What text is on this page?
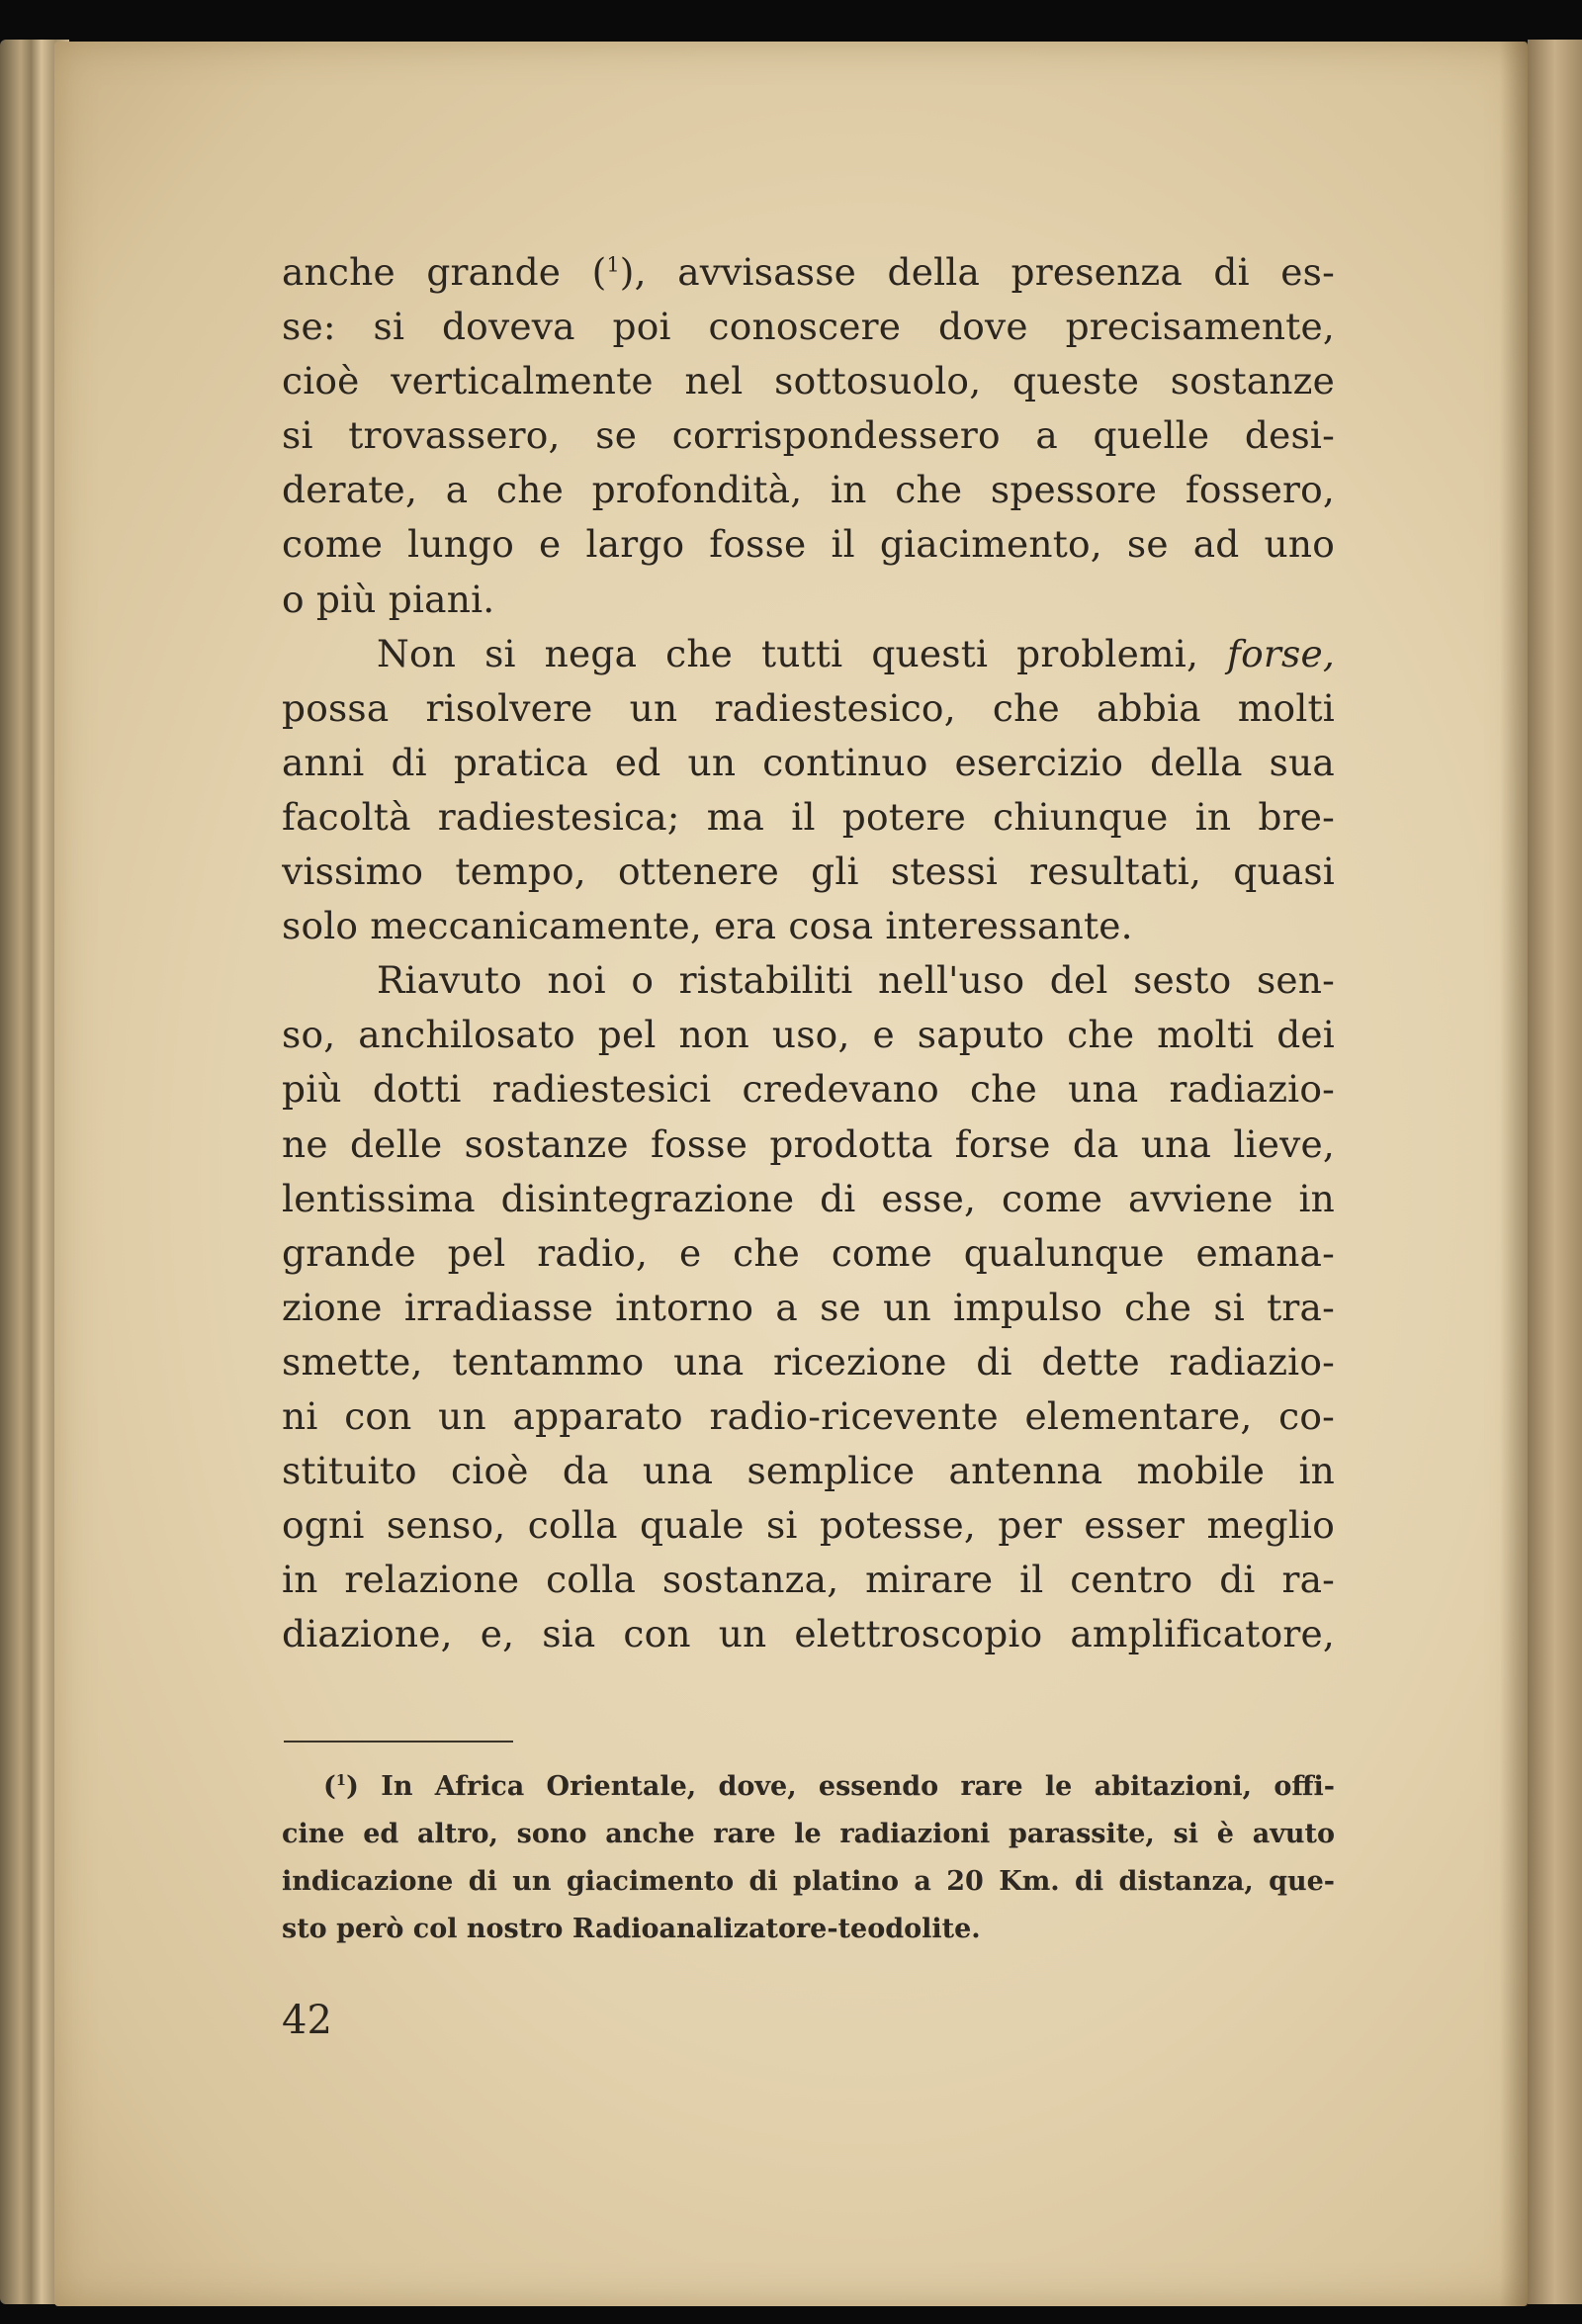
anche grande ($^1$), avvisasse della presenza di es-
se: si doveva poi conoscere dove precisamente,
cioè verticalmente nel sottosuolo, queste sostanze
si trovassero, se corrispondessero a quelle desi-
derate, a che profondità, in che spessore fossero,
come lungo e largo fosse il giacimento, se ad uno
o più piani.
Non si nega che tutti questi problemi, forse,
possa risolvere un radiestesico, che abbia molti
anni di pratica ed un continuo esercizio della sua
facoltà radiestesica; ma il potere chiunque in bre-
vissimo tempo, ottenere gli stessi resultati, quasi
solo meccanicamente, era cosa interessante.
Riavuto noi o ristabiliti nell'uso del sesto sen-
so, anchilosato pel non uso, e saputo che molti dei
più dotti radiestesici credevano che una radiazio-
ne delle sostanze fosse prodotta forse da una lieve,
lentissima disintegrazione di esse, come avviene in
grande pel radio, e che come qualunque emana-
zione irradiasse intorno a se un impulso che si tra-
smette, tentammo una ricezione di dette radiazio-
ni con un apparato radio-ricevente elementare, co-
stituito cioè da una semplice antenna mobile in
ogni senso, colla quale si potesse, per esser meglio
in relazione colla sostanza, mirare il centro di ra-
diazione, e, sia con un elettroscopio amplificatore,
($^1$) In Africa Orientale, dove, essendo rare le abitazioni, offi-
cine ed altro, sono anche rare le radiazioni parassite, si è avuto
indicazione di un giacimento di platino a 20 Km. di distanza, que-
sto però col nostro Radioanalizatore-teodolite.
42
